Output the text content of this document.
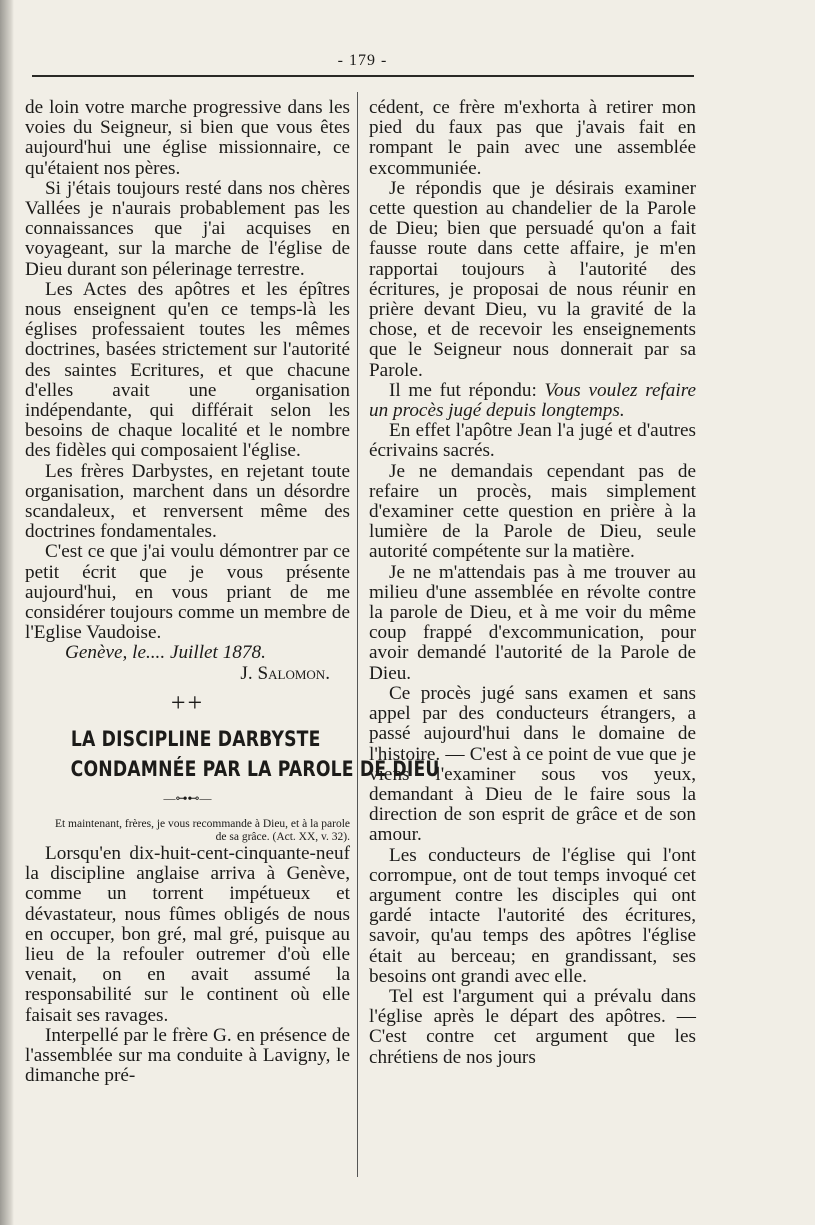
- 179 -

de loin votre marche progressive dans les voies du Seigneur, si bien que vous êtes aujourd'hui une église missionnaire, ce qu'étaient nos pères.

Si j'étais toujours resté dans nos chères Vallées je n'aurais probablement pas les connaissances que j'ai acquises en voyageant, sur la marche de l'église de Dieu durant son pélerinage terrestre.

Les Actes des apôtres et les épîtres nous enseignent qu'en ce temps-là les églises professaient toutes les mêmes doctrines, basées strictement sur l'autorité des saintes Ecritures, et que chacune d'elles avait une organisation indépendante, qui différait selon les besoins de chaque localité et le nombre des fidèles qui composaient l'église.

Les frères Darbystes, en rejetant toute organisation, marchent dans un désordre scandaleux, et renversent même des doctrines fondamentales.

C'est ce que j'ai voulu démontrer par ce petit écrit que je vous présente aujourd'hui, en vous priant de me considérer toujours comme un membre de l'Eglise Vaudoise.

Genève, le.... Juillet 1878.

J. Salomon.

++

LA DISCIPLINE DARBYSTE

CONDAMNÉE PAR LA PAROLE DE DIEU

—⊶⊷—

Et maintenant, frères, je vous recommande à Dieu, et à la parole de sa grâce. (Act. XX, v. 32).

Lorsqu'en dix-huit-cent-cinquante-neuf la discipline anglaise arriva à Genève, comme un torrent impétueux et dévastateur, nous fûmes obligés de nous en occuper, bon gré, mal gré, puisque au lieu de la refouler outremer d'où elle venait, on en avait assumé la responsabilité sur le continent où elle faisait ses ravages.

Interpellé par le frère G. en présence de l'assemblée sur ma conduite à Lavigny, le dimanche pré-

cédent, ce frère m'exhorta à retirer mon pied du faux pas que j'avais fait en rompant le pain avec une assemblée excommuniée.

Je répondis que je désirais examiner cette question au chandelier de la Parole de Dieu; bien que persuadé qu'on a fait fausse route dans cette affaire, je m'en rapportai toujours à l'autorité des écritures, je proposai de nous réunir en prière devant Dieu, vu la gravité de la chose, et de recevoir les enseignements que le Seigneur nous donnerait par sa Parole.

Il me fut répondu: Vous voulez refaire un procès jugé depuis longtemps.

En effet l'apôtre Jean l'a jugé et d'autres écrivains sacrés.

Je ne demandais cependant pas de refaire un procès, mais simplement d'examiner cette question en prière à la lumière de la Parole de Dieu, seule autorité compétente sur la matière.

Je ne m'attendais pas à me trouver au milieu d'une assemblée en révolte contre la parole de Dieu, et à me voir du même coup frappé d'excommunication, pour avoir demandé l'autorité de la Parole de Dieu.

Ce procès jugé sans examen et sans appel par des conducteurs étrangers, a passé aujourd'hui dans le domaine de l'histoire. — C'est à ce point de vue que je viens l'examiner sous vos yeux, demandant à Dieu de le faire sous la direction de son esprit de grâce et de son amour.

Les conducteurs de l'église qui l'ont corrompue, ont de tout temps invoqué cet argument contre les disciples qui ont gardé intacte l'autorité des écritures, savoir, qu'au temps des apôtres l'église était au berceau; en grandissant, ses besoins ont grandi avec elle.

Tel est l'argument qui a prévalu dans l'église après le départ des apôtres. — C'est contre cet argument que les chrétiens de nos jours
